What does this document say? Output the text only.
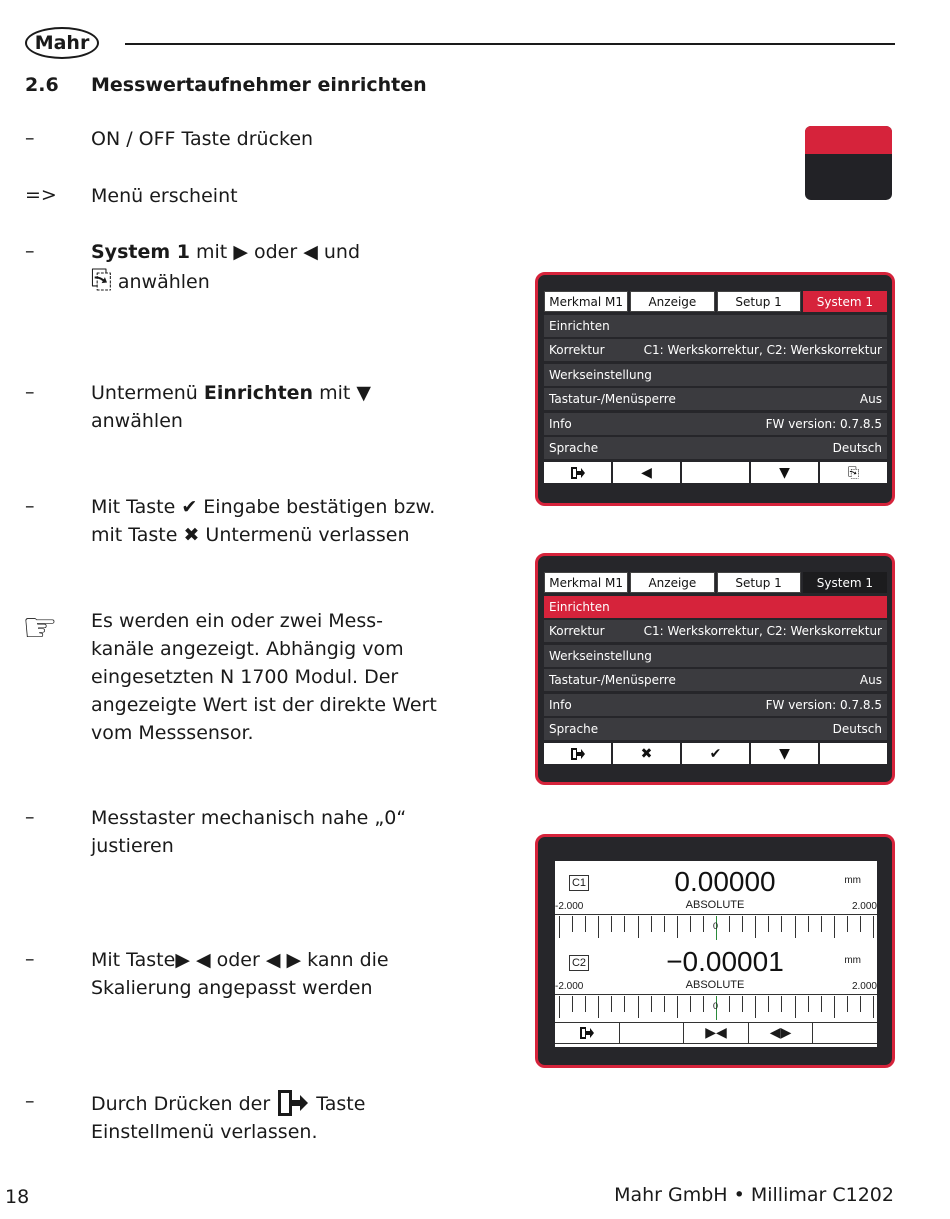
Mahr
2.6 Messwertaufnehmer einrichten
–	ON / OFF Taste drücken
=> Menü erscheint
–	System 1 mit ▶ oder ◀ und
⎘ anwählen
–	Untermenü Einrichten mit ▼
anwählen
–	Mit Taste ✔ Eingabe bestätigen bzw.
mit Taste ✖ Untermenü verlassen
☞ Es werden ein oder zwei Mess-
kanäle angezeigt. Abhängig vom
eingesetzten N 1700 Modul. Der
angezeigte Wert ist der direkte Wert
vom Messsensor.
–	Messtaster mechanisch nahe „0“
justieren
–	Mit Taste▶ ◀ oder ◀ ▶ kann die
Skalierung angepasst werden
–	Durch Drücken der  Taste
Einstellmenü verlassen.
Merkmal M1	Anzeige	Setup 1	System 1
Einrichten
Korrektur	C1: Werkskorrektur, C2: Werkskorrektur
Werkseinstellung
Tastatur-/Menüsperre	Aus
Info	FW version: 0.7.8.5
Sprache	Deutsch
◀	▼	⎘
Merkmal M1	Anzeige	Setup 1	System 1
Einrichten
Korrektur	C1: Werkskorrektur, C2: Werkskorrektur
Werkseinstellung
Tastatur-/Menüsperre	Aus
Info	FW version: 0.7.8.5
Sprache	Deutsch
✖	✔	▼
C1	0.00000	mm
ABSOLUTE
-2.000	2.000
0
C2	−0.00001	mm
ABSOLUTE
-2.000	2.000
0
▶◀	◀▶
18	Mahr GmbH • Millimar C1202
